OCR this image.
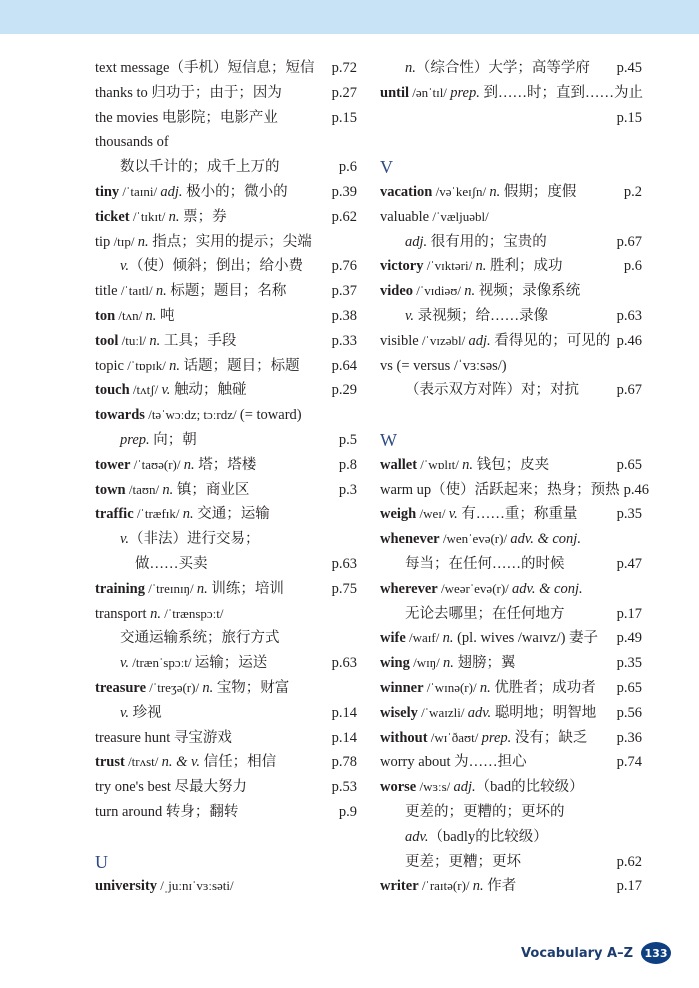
text message（手机）短信息；短信	p.72
thanks to 归功于；由于；因为	p.27
the movies 电影院；电影产业	p.15
thousands of
数以千计的；成千上万的	p.6
tiny /ˈtaɪni/ adj. 极小的；微小的	p.39
ticket /ˈtɪkɪt/ n. 票；券	p.62
tip /tɪp/ n. 指点；实用的提示；尖端
v.（使）倾斜；倒出；给小费	p.76
title /ˈtaɪtl/ n. 标题；题目；名称	p.37
ton /tʌn/ n. 吨	p.38
tool /tuːl/ n. 工具；手段	p.33
topic /ˈtɒpɪk/ n. 话题；题目；标题	p.64
touch /tʌtʃ/ v. 触动；触碰	p.29
towards /təˈwɔːdz; tɔːrdz/ (= toward)
prep. 向；朝	p.5
tower /ˈtaʊə(r)/ n. 塔；塔楼	p.8
town /taʊn/ n. 镇；商业区	p.3
traffic /ˈtræfɪk/ n. 交通；运输
v.（非法）进行交易；
做……买卖	p.63
training /ˈtreɪnɪŋ/ n. 训练；培训	p.75
transport n. /ˈtrænspɔːt/
交通运输系统；旅行方式
v. /trænˈspɔːt/ 运输；运送	p.63
treasure /ˈtreʒə(r)/ n. 宝物；财富
v. 珍视	p.14
treasure hunt 寻宝游戏	p.14
trust /trʌst/ n. & v. 信任；相信	p.78
try one's best 尽最大努力	p.53
turn around 转身；翻转	p.9
U
university /ˌjuːnɪˈvɜːsəti/
n.（综合性）大学；高等学府	p.45
until /ənˈtɪl/ prep. 到……时；直到……为止
p.15
V
vacation /vəˈkeɪʃn/ n. 假期；度假	p.2
valuable /ˈvæljuəbl/
adj. 很有用的；宝贵的	p.67
victory /ˈvɪktəri/ n. 胜利；成功	p.6
video /ˈvɪdiəʊ/ n. 视频；录像系统
v. 录视频；给……录像	p.63
visible /ˈvɪzəbl/ adj. 看得见的；可见的 p.46
vs (= versus /ˈvɜːsəs/)
（表示双方对阵）对；对抗	p.67
W
wallet /ˈwɒlɪt/ n. 钱包；皮夹	p.65
warm up（使）活跃起来；热身；预热 p.46
weigh /weɪ/ v. 有……重；称重量	p.35
whenever /wenˈevə(r)/ adv. & conj.
每当；在任何……的时候	p.47
wherever /weərˈevə(r)/ adv. & conj.
无论去哪里；在任何地方	p.17
wife /waɪf/ n. (pl. wives /waɪvz/) 妻子	p.49
wing /wɪŋ/ n. 翅膀；翼	p.35
winner /ˈwɪnə(r)/ n. 优胜者；成功者	p.65
wisely /ˈwaɪzli/ adv. 聪明地；明智地	p.56
without /wɪˈðaʊt/ prep. 没有；缺乏	p.36
worry about 为……担心	p.74
worse /wɜːs/ adj.（bad的比较级）
更差的；更糟的；更坏的
adv.（badly的比较级）
更差；更糟；更坏	p.62
writer /ˈraɪtə(r)/ n. 作者	p.17
Vocabulary A–Z	133
